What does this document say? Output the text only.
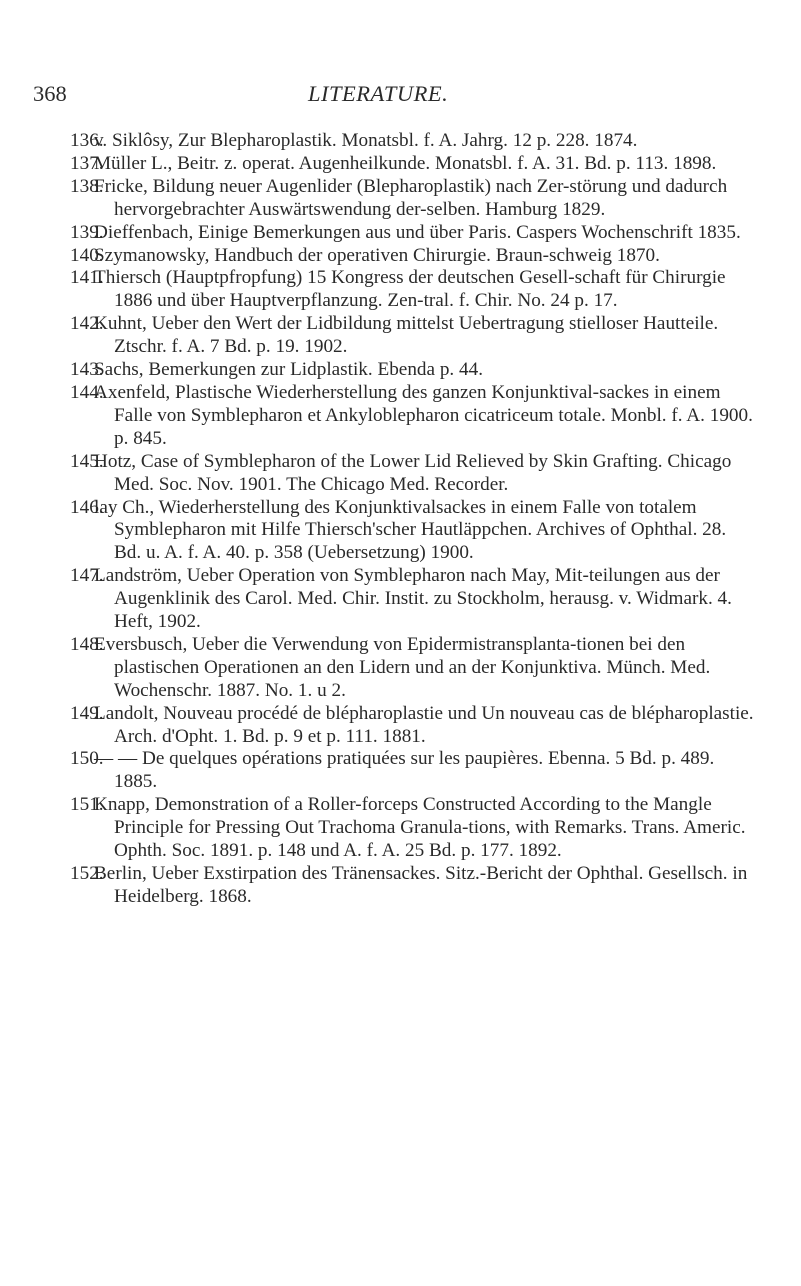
368	LITERATURE.
136.
v. Siklôsy, Zur Blepharoplastik. Monatsbl. f. A. Jahrg. 12 p. 228. 1874.
137.
Müller L., Beitr. z. operat. Augenheilkunde. Monatsbl. f. A. 31. Bd. p. 113. 1898.
138.
Fricke, Bildung neuer Augenlider (Blepharoplastik) nach Zer-störung und dadurch hervorgebrachter Auswärtswendung der-selben. Hamburg 1829.
139.
Dieffenbach, Einige Bemerkungen aus und über Paris. Caspers Wochenschrift 1835.
140.
Szymanowsky, Handbuch der operativen Chirurgie. Braun-schweig 1870.
141.
Thiersch (Hauptpfropfung) 15 Kongress der deutschen Gesell-schaft für Chirurgie 1886 und über Hauptverpflanzung. Zen-tral. f. Chir. No. 24 p. 17.
142.
Kuhnt, Ueber den Wert der Lidbildung mittelst Uebertragung stielloser Hautteile. Ztschr. f. A. 7 Bd. p. 19. 1902.
143.
Sachs, Bemerkungen zur Lidplastik. Ebenda p. 44.
144.
Axenfeld, Plastische Wiederherstellung des ganzen Konjunktival-sackes in einem Falle von Symblepharon et Ankyloblepharon cicatriceum totale. Monbl. f. A. 1900. p. 845.
145.
Hotz, Case of Symblepharon of the Lower Lid Relieved by Skin Grafting. Chicago Med. Soc. Nov. 1901. The Chicago Med. Recorder.
146.
lay Ch., Wiederherstellung des Konjunktivalsackes in einem Falle von totalem Symblepharon mit Hilfe Thiersch'scher Hautläppchen. Archives of Ophthal. 28. Bd. u. A. f. A. 40. p. 358 (Uebersetzung) 1900.
147.
Landström, Ueber Operation von Symblepharon nach May, Mit-teilungen aus der Augenklinik des Carol. Med. Chir. Instit. zu Stockholm, herausg. v. Widmark. 4. Heft, 1902.
148.
Eversbusch, Ueber die Verwendung von Epidermistransplanta-tionen bei den plastischen Operationen an den Lidern und an der Konjunktiva. Münch. Med. Wochenschr. 1887. No. 1. u 2.
149.
Landolt, Nouveau procédé de blépharoplastie und Un nouveau cas de blépharoplastie. Arch. d'Opht. 1. Bd. p. 9 et p. 111. 1881.
150.
— — De quelques opérations pratiquées sur les paupières. Ebenna. 5 Bd. p. 489. 1885.
151.
Knapp, Demonstration of a Roller-forceps Constructed According to the Mangle Principle for Pressing Out Trachoma Granula-tions, with Remarks. Trans. Americ. Ophth. Soc. 1891. p. 148 und A. f. A. 25 Bd. p. 177. 1892.
152.
Berlin, Ueber Exstirpation des Tränensackes. Sitz.-Bericht der Ophthal. Gesellsch. in Heidelberg. 1868.
